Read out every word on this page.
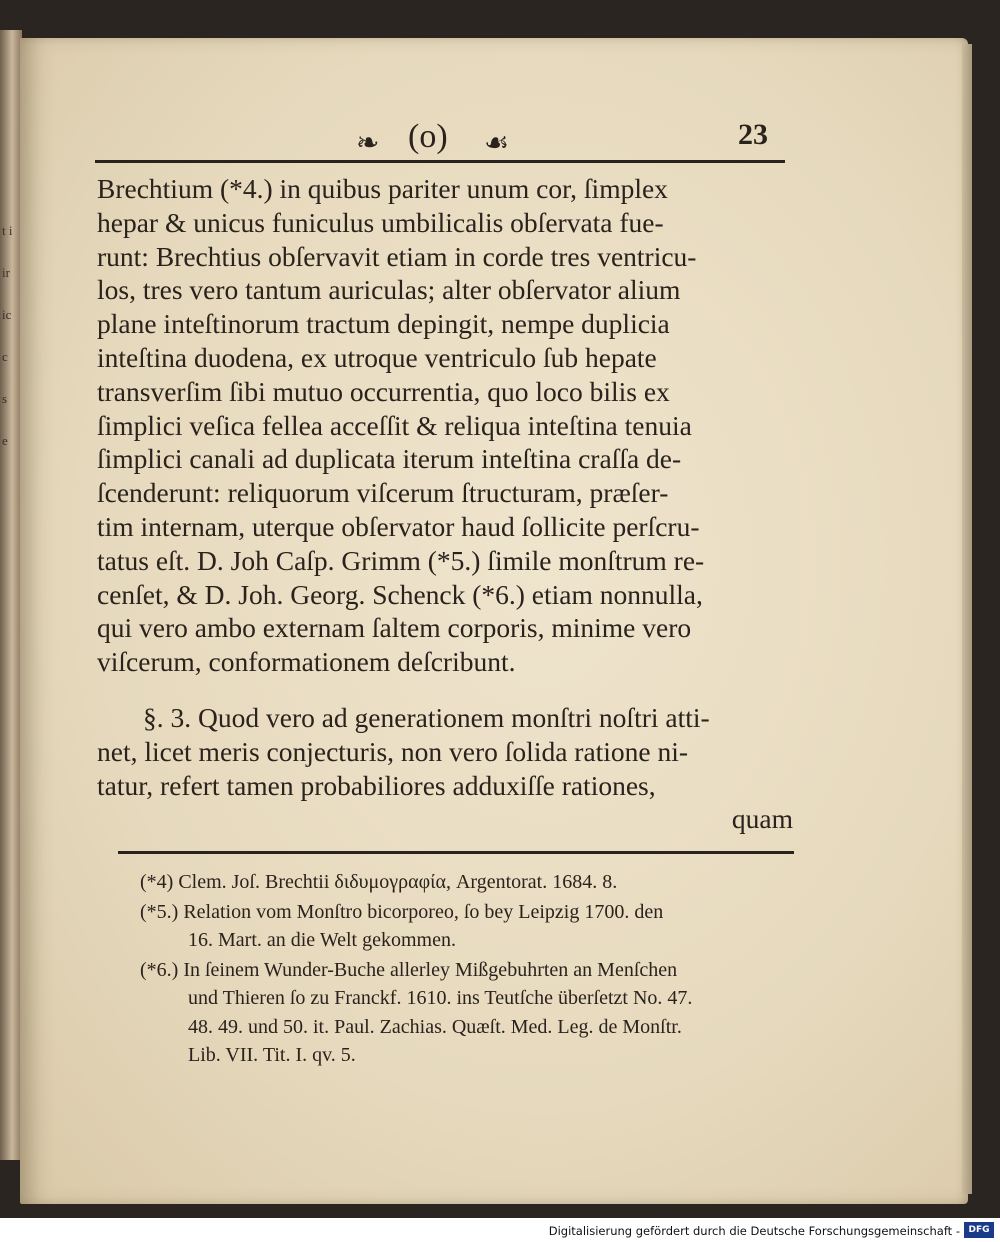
t i ir ic c s e
❧ (o) ☙	23
Brechtium (*4.) in quibus pariter unum cor, ſimplex
hepar & unicus funiculus umbilicalis obſervata fue-
runt: Brechtius obſervavit etiam in corde tres ventricu-
los, tres vero tantum auriculas; alter obſervator alium
plane inteſtinorum tractum depingit, nempe duplicia
inteſtina duodena, ex utroque ventriculo ſub hepate
transverſim ſibi mutuo occurrentia, quo loco bilis ex
ſimplici veſica fellea acceſſit & reliqua inteſtina tenuia
ſimplici canali ad duplicata iterum inteſtina craſſa de-
ſcenderunt: reliquorum viſcerum ſtructuram, præſer-
tim internam, uterque obſervator haud ſollicite perſcru-
tatus eſt. D. Joh Caſp. Grimm (*5.) ſimile monſtrum re-
cenſet, & D. Joh. Georg. Schenck (*6.) etiam nonnulla,
qui vero ambo externam ſaltem corporis, minime vero
viſcerum, conformationem deſcribunt.
§. 3. Quod vero ad generationem monſtri noſtri atti-
net, licet meris conjecturis, non vero ſolida ratione ni-
tatur, refert tamen probabiliores adduxiſſe rationes,
quam
(*4) Clem. Joſ. Brechtii διδυμογραφία, Argentorat. 1684. 8.
(*5.) Relation vom Monſtro bicorporeo, ſo bey Leipzig 1700. den
16. Mart. an die Welt gekommen.
(*6.) In ſeinem Wunder-Buche allerley Mißgebuhrten an Menſchen
und Thieren ſo zu Franckf. 1610. ins Teutſche überſetzt No. 47.
48. 49. und 50. it. Paul. Zachias. Quæſt. Med. Leg. de Monſtr.
Lib. VII. Tit. I. qv. 5.
Digitalisierung gefördert durch die Deutsche Forschungsgemeinschaft - DFG
